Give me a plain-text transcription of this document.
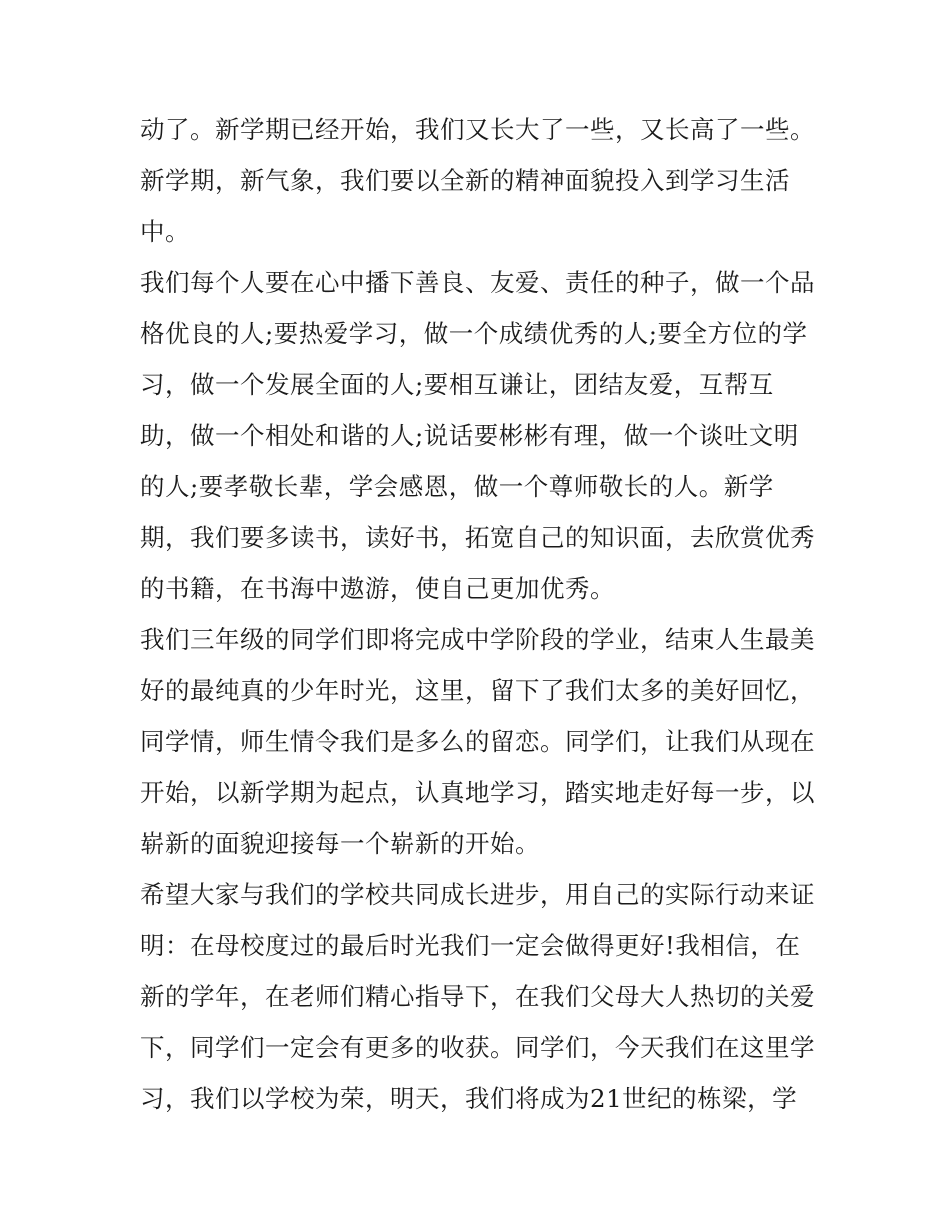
动了。新学期已经开始，我们又长大了一些，又长高了一些。
新学期，新气象，我们要以全新的精神面貌投入到学习生活
中。
我们每个人要在心中播下善良、友爱、责任的种子，做一个品
格优良的人;要热爱学习，做一个成绩优秀的人;要全方位的学
习，做一个发展全面的人;要相互谦让，团结友爱，互帮互
助，做一个相处和谐的人;说话要彬彬有理，做一个谈吐文明
的人;要孝敬长辈，学会感恩，做一个尊师敬长的人。新学
期，我们要多读书，读好书，拓宽自己的知识面，去欣赏优秀
的书籍，在书海中遨游，使自己更加优秀。
我们三年级的同学们即将完成中学阶段的学业，结束人生最美
好的最纯真的少年时光，这里，留下了我们太多的美好回忆，
同学情，师生情令我们是多么的留恋。同学们，让我们从现在
开始，以新学期为起点，认真地学习，踏实地走好每一步，以
崭新的面貌迎接每一个崭新的开始。
希望大家与我们的学校共同成长进步，用自己的实际行动来证
明：在母校度过的最后时光我们一定会做得更好!我相信，在
新的学年，在老师们精心指导下，在我们父母大人热切的关爱
下，同学们一定会有更多的收获。同学们，今天我们在这里学
习，我们以学校为荣，明天，我们将成为21世纪的栋梁，学
